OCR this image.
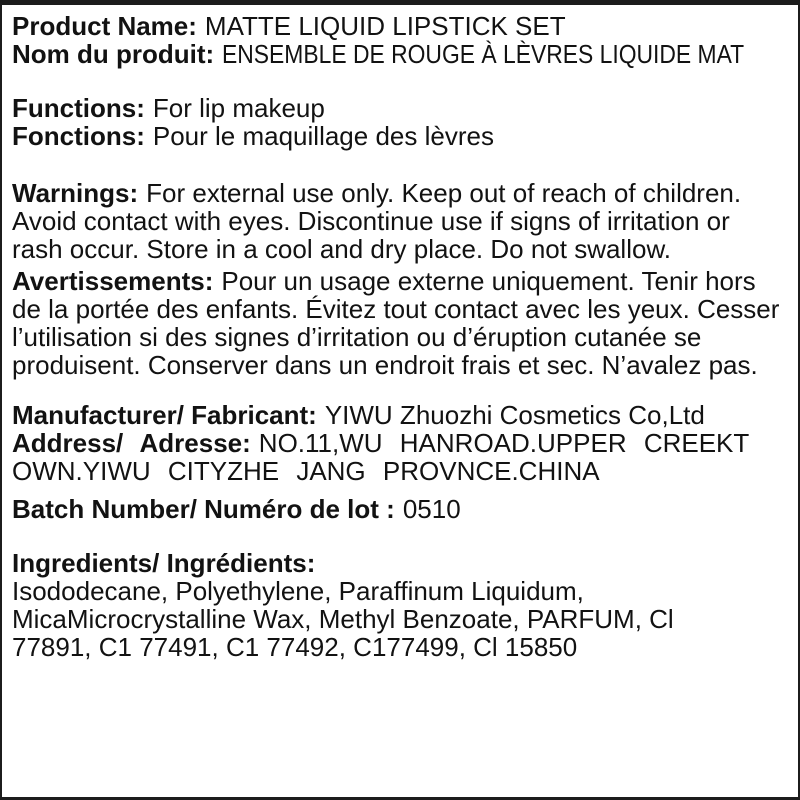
Product Name: MATTE LIQUID LIPSTICK SET
Nom du produit: ENSEMBLE DE ROUGE À LÈVRES LIQUIDE MAT
Functions: For lip makeup
Fonctions: Pour le maquillage des lèvres
Warnings: For external use only. Keep out of reach of children.
Avoid contact with eyes. Discontinue use if signs of irritation or
rash occur. Store in a cool and dry place. Do not swallow.
Avertissements: Pour un usage externe uniquement. Tenir hors
de la portée des enfants. Évitez tout contact avec les yeux. Cesser
l’utilisation si des signes d’irritation ou d’éruption cutanée se
produisent. Conserver dans un endroit frais et sec. N’avalez pas.
Manufacturer/ Fabricant: YIWU Zhuozhi Cosmetics Co,Ltd
Address/ Adresse: NO.11,WU HANROAD.UPPER CREEKT
OWN.YIWU CITYZHE JANG PROVNCE.CHINA
Batch Number/ Numéro de lot : 0510
Ingredients/ Ingrédients:
Isododecane, Polyethylene, Paraffinum Liquidum,
MicaMicrocrystalline Wax, Methyl Benzoate, PARFUM, Cl
77891, C1 77491, C1 77492, C177499, Cl 15850
